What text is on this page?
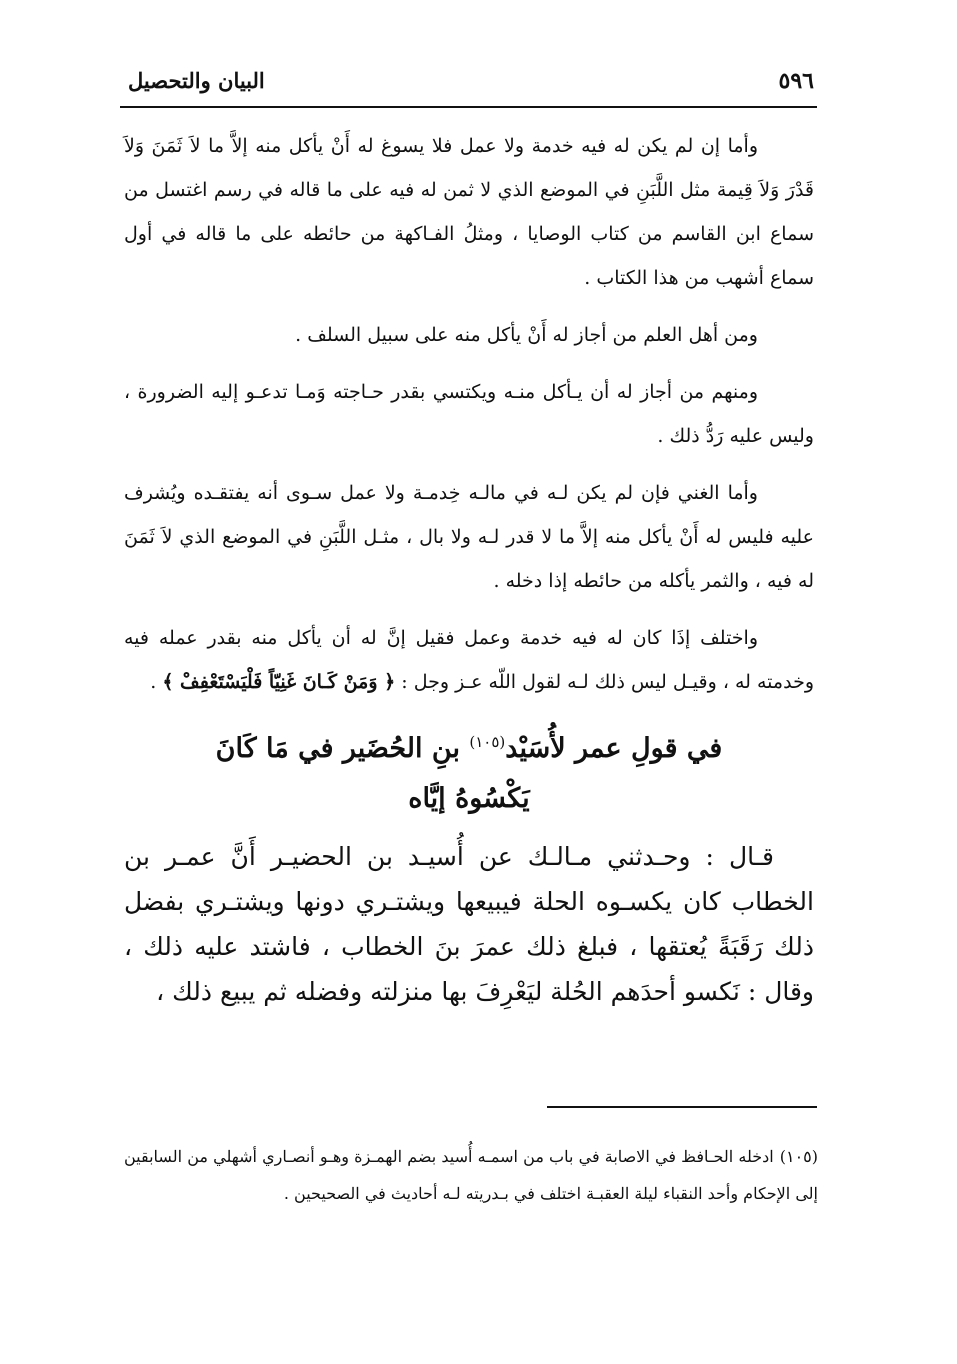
٥٩٦
البيان والتحصيل

وأما إن لم يكن له فيه خدمة ولا عمل فلا يسوغ له أَنْ يأكل منه إلاَّ ما لاَ ثَمَنَ وَلاَ قَدْرَ وَلاَ قِيمة مثل اللَّبَنِ في الموضع الذي لا ثمن له فيه على ما قاله في رسم اغتسل من سماع ابن القاسم من كتاب الوصايا ، ومثلُ الفـاكهة من حائطه على ما قاله في أول سماع أشهب من هذا الكتاب .

ومن أهل العلم من أجاز له أَنْ يأكل منه على سبيل السلف .

ومنهم من أجاز له أن يـأكل منـه ويكتسي بقدر حـاجته وَمـا تدعـو إليه الضرورة ، وليس عليه رَدُّ ذلك .

وأما الغني فإن لم يكن لـه في مالـه خِدمـة ولا عمل سـوى أنه يفتقـده ويُشرف عليه فليس له أَنْ يأكل منه إلاَّ ما لا قدر لـه ولا بال ، مثـل اللَّبَنِ في الموضع الذي لاَ ثَمَنَ له فيه ، والثمر يأكله من حائطه إذا دخله .

واختلف إذَا كان له فيه خدمة وعمل فقيل إنَّ له أن يأكل منه بقدر عمله فيه وخدمته له ، وقيـل ليس ذلك لـه لقول اللّه عـز وجل : ﴿ وَمَنْ كَـانَ غَنِيّاً فَلْيَسْتَعْفِفْ ﴾ .

في قولِ عمر لأُسَيْد$^{(١٠٥)}$ بنِ الحُضَير في مَا كَانَ
يَكْسُوهُ إيَّاه

قـال : وحـدثني مـالـك عن أُسيـد بن الحضيـر أَنَّ عمـر بن الخطاب كان يكسـوه الحلة فيبيعها ويشتـري دونها ويشتـري بفضل ذلك رَقَبَةً يُعتقها ، فبلغ ذلك عمرَ بنَ الخطاب ، فاشتد عليه ذلك ، وقال : نَكسو أحدَهم الحُلة ليَعْرِفَ بها منزلته وفضله ثم يبيع ذلك ،

(١٠٥)ادخله الحـافظ في الاصابة في باب من اسمـه أُسيد بضم الهمـزة وهـو أنصـاري أشهلي من السابقين إلى الإحكام وأحد النقباء ليلة العقبـة اختلف في بـدريته لـه أحاديث في الصحيحين .
